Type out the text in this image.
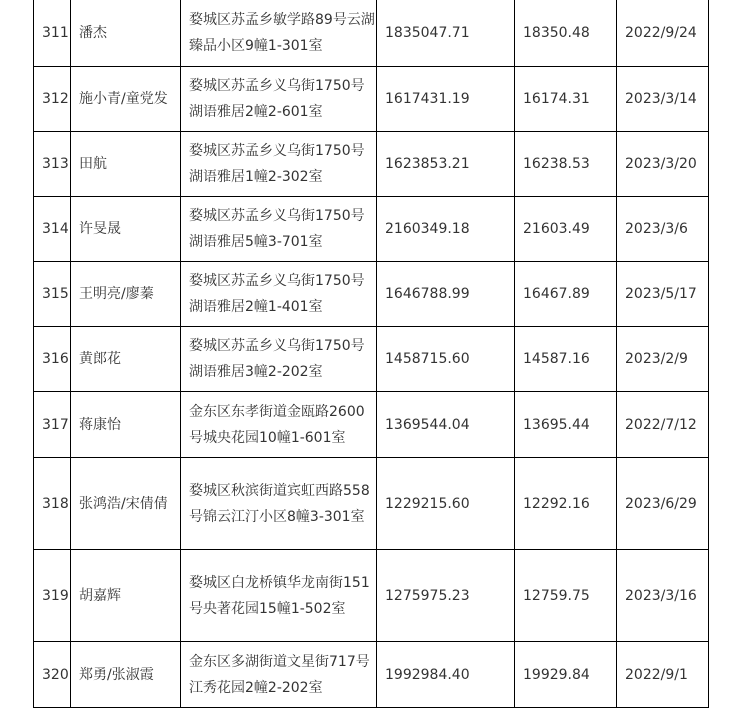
311	潘杰	婺城区苏孟乡敏学路89号云湖臻品小区9幢1-301室	1835047.71	18350.48	2022/9/24
312	施小青/童党发	婺城区苏孟乡义乌街1750号湖语雅居2幢2-601室	1617431.19	16174.31	2023/3/14
313	田航	婺城区苏孟乡义乌街1750号湖语雅居1幢2-302室	1623853.21	16238.53	2023/3/20
314	许旻晟	婺城区苏孟乡义乌街1750号湖语雅居5幢3-701室	2160349.18	21603.49	2023/3/6
315	王明亮/廖蓁	婺城区苏孟乡义乌街1750号湖语雅居2幢1-401室	1646788.99	16467.89	2023/5/17
316	黄郎花	婺城区苏孟乡义乌街1750号湖语雅居3幢2-202室	1458715.60	14587.16	2023/2/9
317	蒋康怡	金东区东孝街道金瓯路2600号城央花园10幢1-601室	1369544.04	13695.44	2022/7/12
318	张鸿浩/宋倩倩	婺城区秋滨街道宾虹西路558号锦云江汀小区8幢3-301室	1229215.60	12292.16	2023/6/29
319	胡嘉辉	婺城区白龙桥镇华龙南街151号央著花园15幢1-502室	1275975.23	12759.75	2023/3/16
320	郑勇/张淑霞	金东区多湖街道文星街717号江秀花园2幢2-202室	1992984.40	19929.84	2022/9/1
